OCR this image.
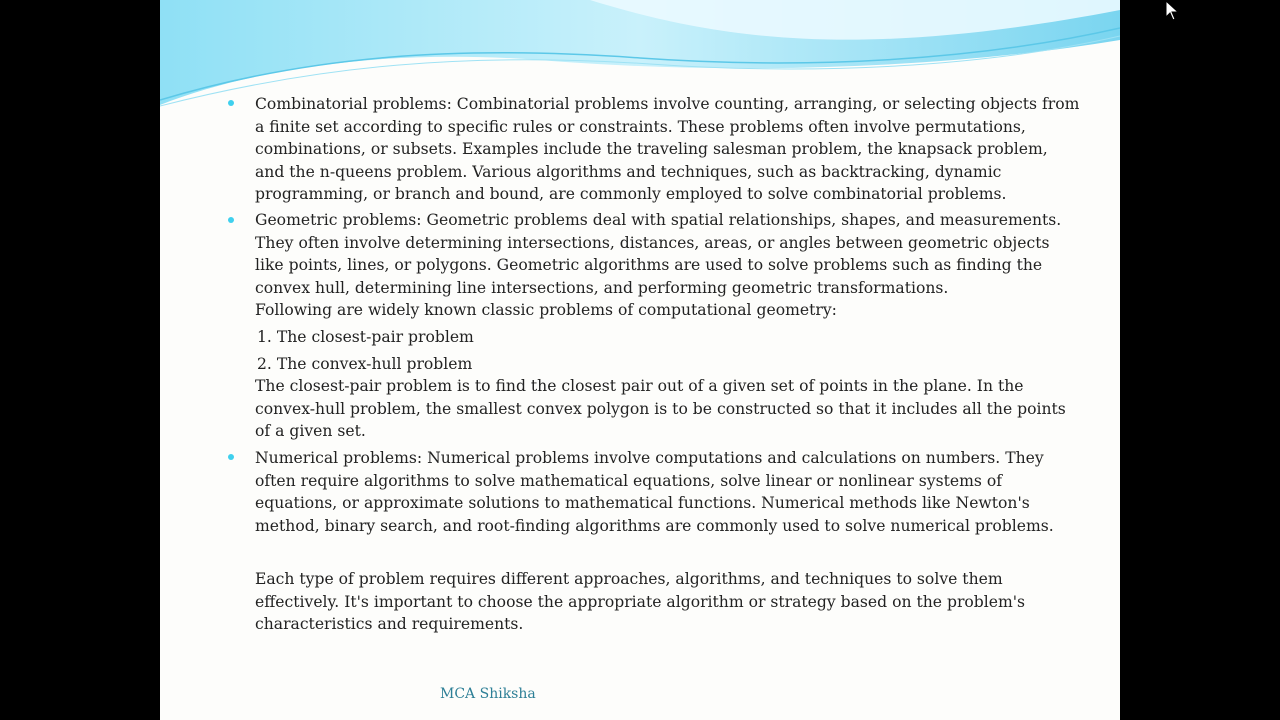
Combinatorial problems: Combinatorial problems involve counting, arranging, or selecting objects from a finite set according to specific rules or constraints. These problems often involve permutations, combinations, or subsets. Examples include the traveling salesman problem, the knapsack problem, and the n-queens problem. Various algorithms and techniques, such as backtracking, dynamic programming, or branch and bound, are commonly employed to solve combinatorial problems.

Geometric problems: Geometric problems deal with spatial relationships, shapes, and measurements. They often involve determining intersections, distances, areas, or angles between geometric objects like points, lines, or polygons. Geometric algorithms are used to solve problems such as finding the convex hull, determining line intersections, and performing geometric transformations.

Following are widely known classic problems of computational geometry:

1. The closest-pair problem
2. The convex-hull problem

The closest-pair problem is to find the closest pair out of a given set of points in the plane. In the convex-hull problem, the smallest convex polygon is to be constructed so that it includes all the points of a given set.

Numerical problems: Numerical problems involve computations and calculations on numbers. They often require algorithms to solve mathematical equations, solve linear or nonlinear systems of equations, or approximate solutions to mathematical functions. Numerical methods like Newton's method, binary search, and root-finding algorithms are commonly used to solve numerical problems.

Each type of problem requires different approaches, algorithms, and techniques to solve them effectively. It's important to choose the appropriate algorithm or strategy based on the problem's characteristics and requirements.

MCA Shiksha
